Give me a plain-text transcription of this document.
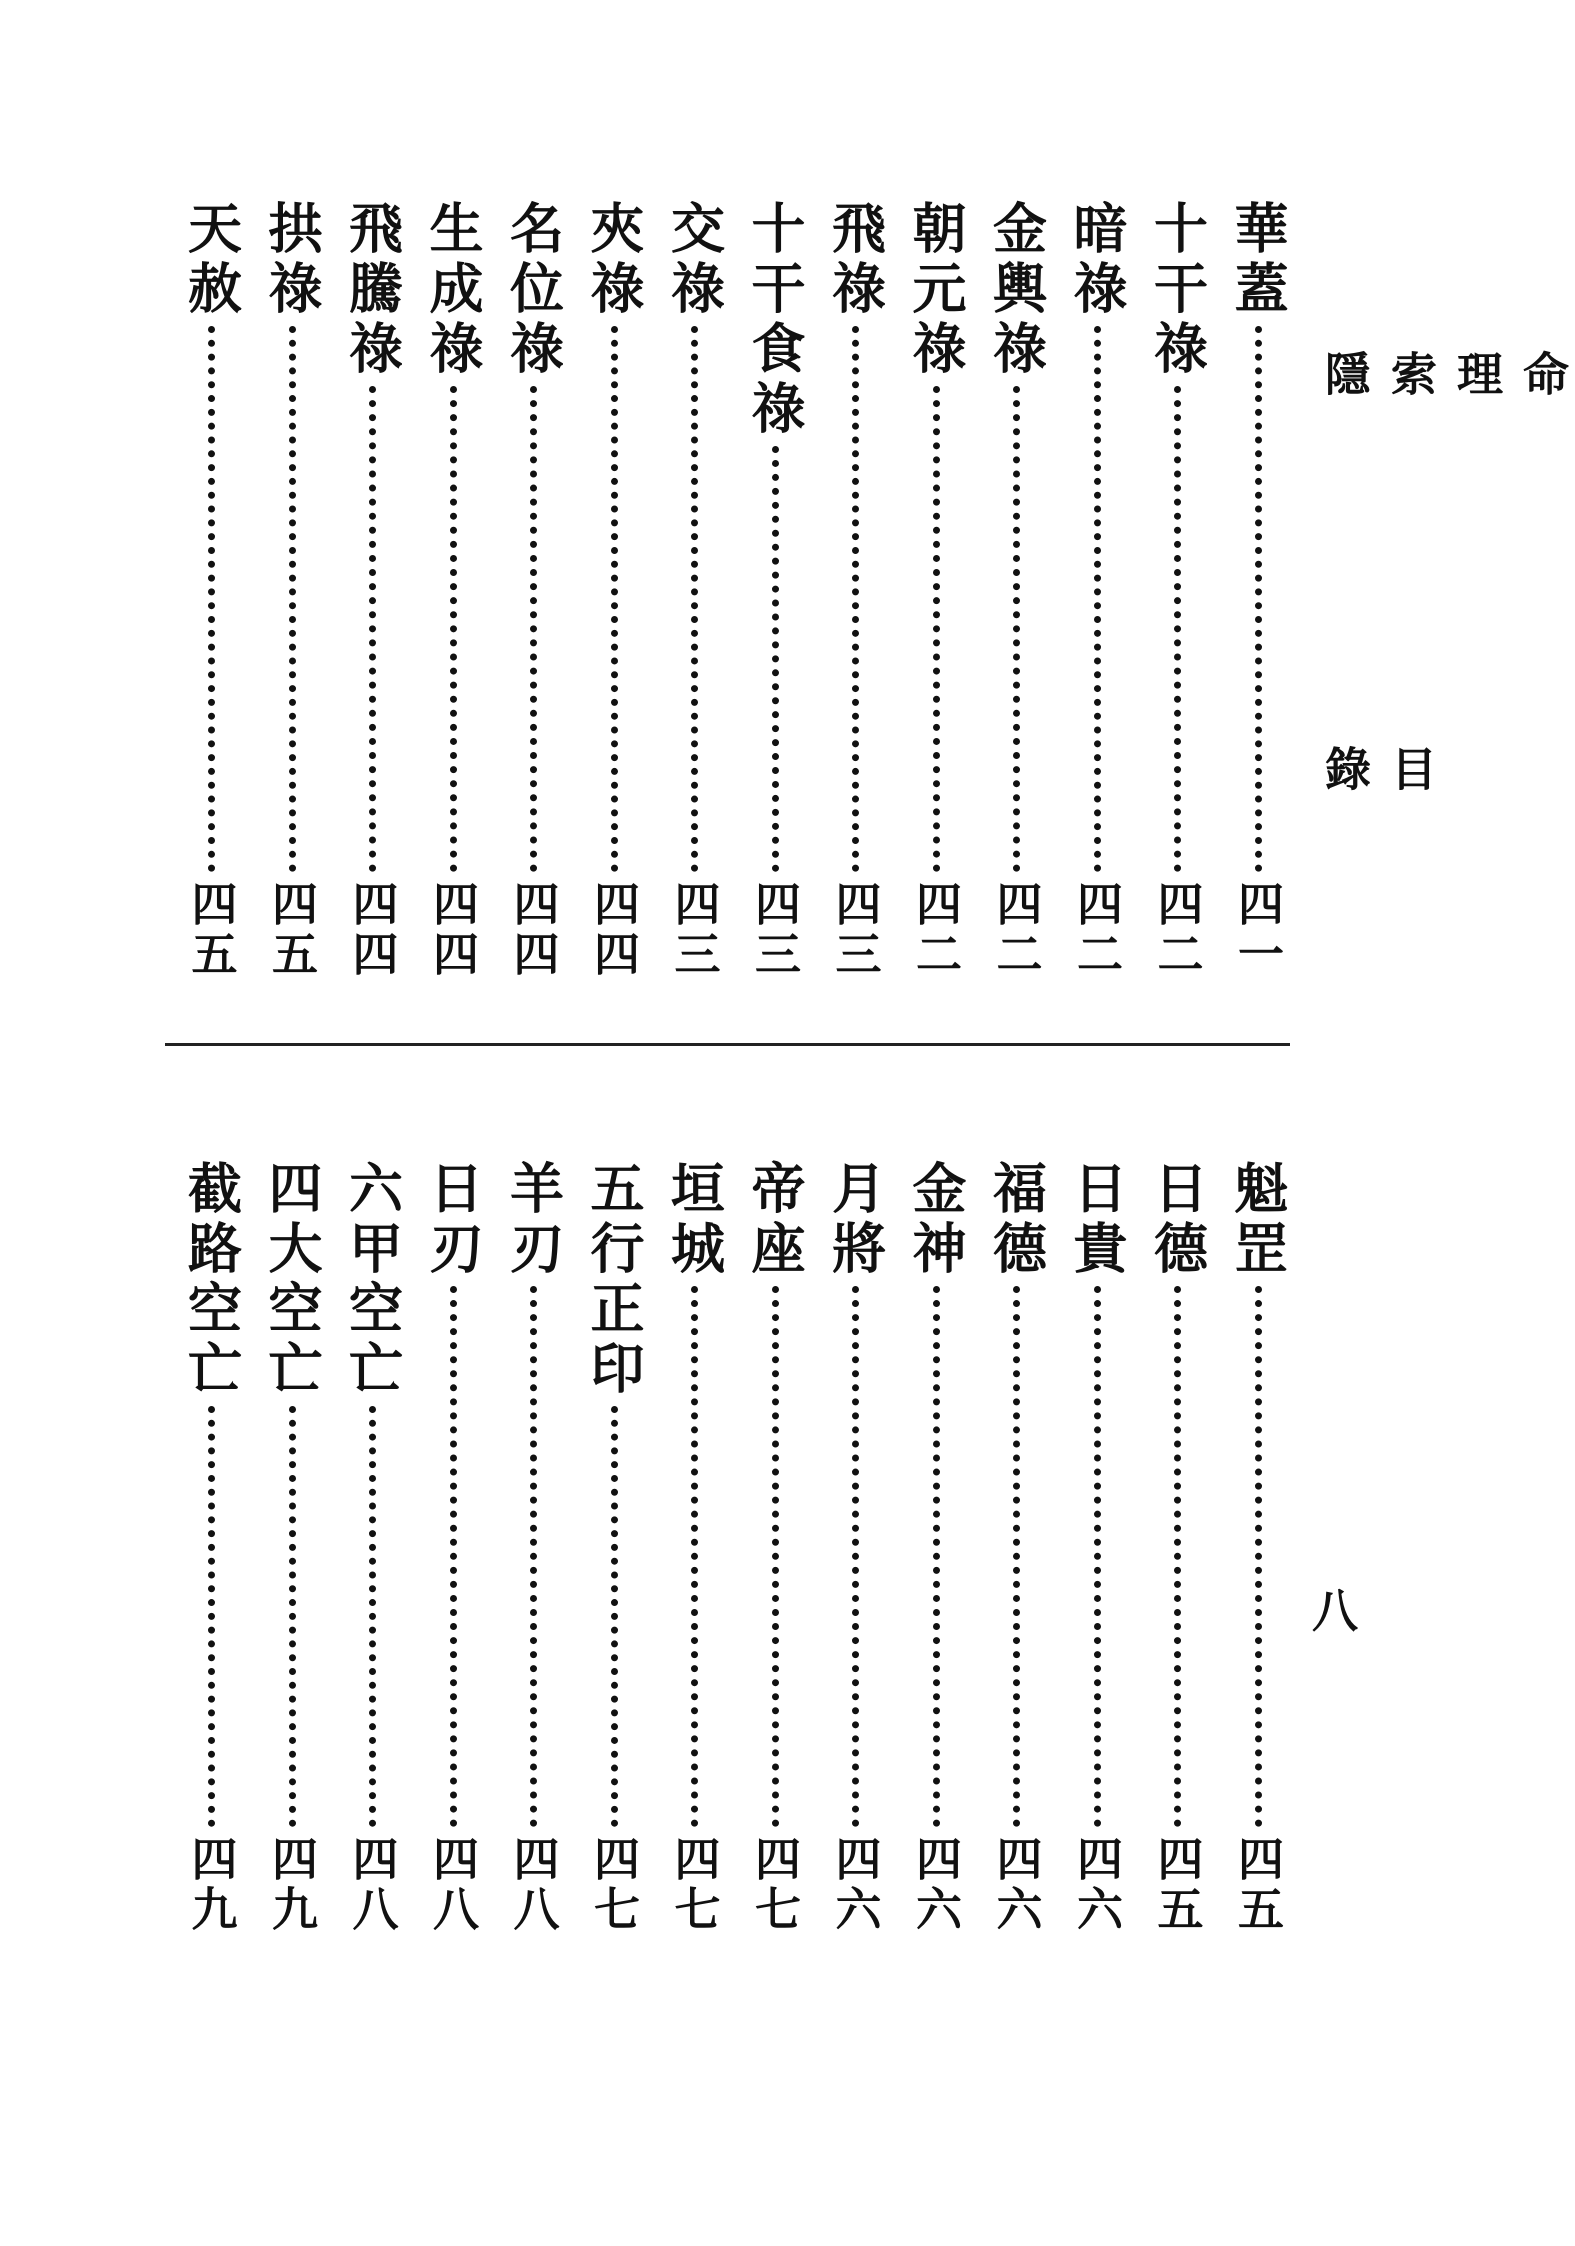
命理索隱
目錄
八
華蓋
四一
十干祿
四二
暗祿
四二
金輿祿
四二
朝元祿
四二
飛祿
四三
十干食祿
四三
交祿
四三
夾祿
四四
名位祿
四四
生成祿
四四
飛騰祿
四四
拱祿
四五
天赦
四五
魁罡
四五
日德
四五
日貴
四六
福德
四六
金神
四六
月將
四六
帝座
四七
垣城
四七
五行正印
四七
羊刃
四八
日刃
四八
六甲空亡
四八
四大空亡
四九
截路空亡
四九
